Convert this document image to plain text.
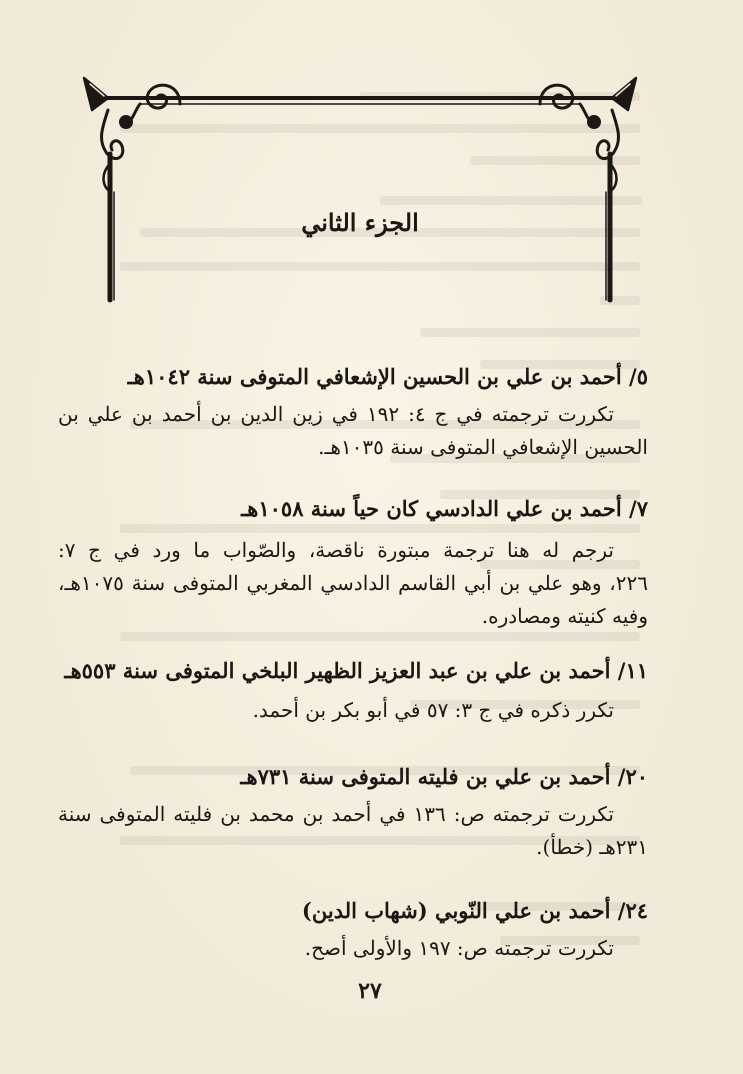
الجزء الثاني
٥/ أحمد بن علي بن الحسين الإشعافي المتوفى سنة ١٠٤٢هـ
تكررت ترجمته في ج ٤: ١٩٢ في زين الدين بن أحمد بن علي بن
الحسين الإشعافي المتوفى سنة ١٠٣٥هـ.
٧/ أحمد بن علي الدادسي كان حياً سنة ١٠٥٨هـ
ترجم له هنا ترجمة مبتورة ناقصة، والصّواب ما ورد في ج ٧:
٢٢٦، وهو علي بن أبي القاسم الدادسي المغربي المتوفى سنة ١٠٧٥هـ،
وفيه كنيته ومصادره.
١١/ أحمد بن علي بن عبد العزيز الظهير البلخي المتوفى سنة ٥٥٣هـ
تكرر ذكره في ج ٣: ٥٧ في أبو بكر بن أحمد.
٢٠/ أحمد بن علي بن فليته المتوفى سنة ٧٣١هـ
تكررت ترجمته ص: ١٣٦ في أحمد بن محمد بن فليته المتوفى سنة
٢٣١هـ (خطأ).
٢٤/ أحمد بن علي النّوبي (شهاب الدين)
تكررت ترجمته ص: ١٩٧ والأولى أصح.
٢٧
